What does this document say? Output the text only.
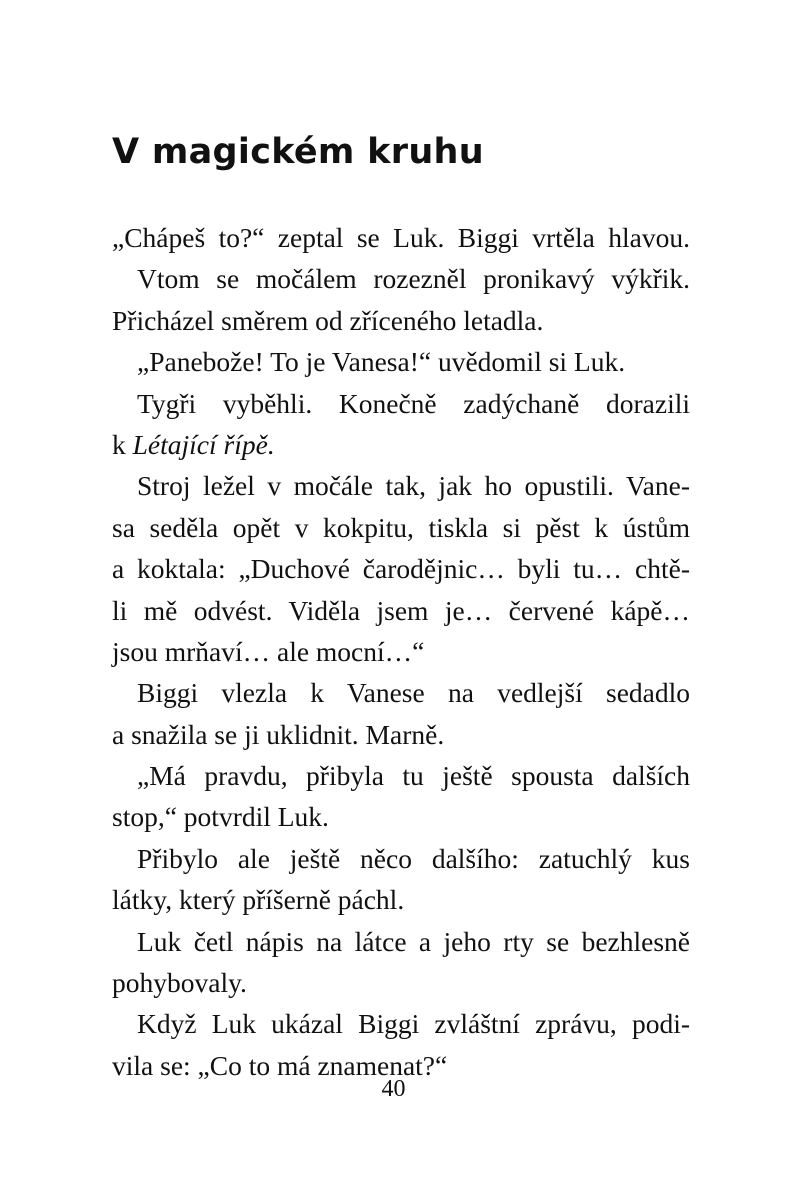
V magickém kruhu
„Chápeš to?“ zeptal se Luk. Biggi vrtěla hlavou.
Vtom se močálem rozezněl pronikavý výkřik.
Přicházel směrem od zříceného letadla.
„Panebože! To je Vanesa!“ uvědomil si Luk.
Tygři vyběhli. Konečně zadýchaně dorazili
k Létající řípě.
Stroj ležel v močále tak, jak ho opustili. Vane-
sa seděla opět v kokpitu, tiskla si pěst k ústům
a koktala: „Duchové čarodějnic… byli tu… chtě-
li mě odvést. Viděla jsem je… červené kápě…
jsou mrňaví… ale mocní…“
Biggi vlezla k Vanese na vedlejší sedadlo
a snažila se ji uklidnit. Marně.
„Má pravdu, přibyla tu ještě spousta dalších
stop,“ potvrdil Luk.
Přibylo ale ještě něco dalšího: zatuchlý kus
látky, který příšerně páchl.
Luk četl nápis na látce a jeho rty se bezhlesně
pohybovaly.
Když Luk ukázal Biggi zvláštní zprávu, podi-
vila se: „Co to má znamenat?“
40
